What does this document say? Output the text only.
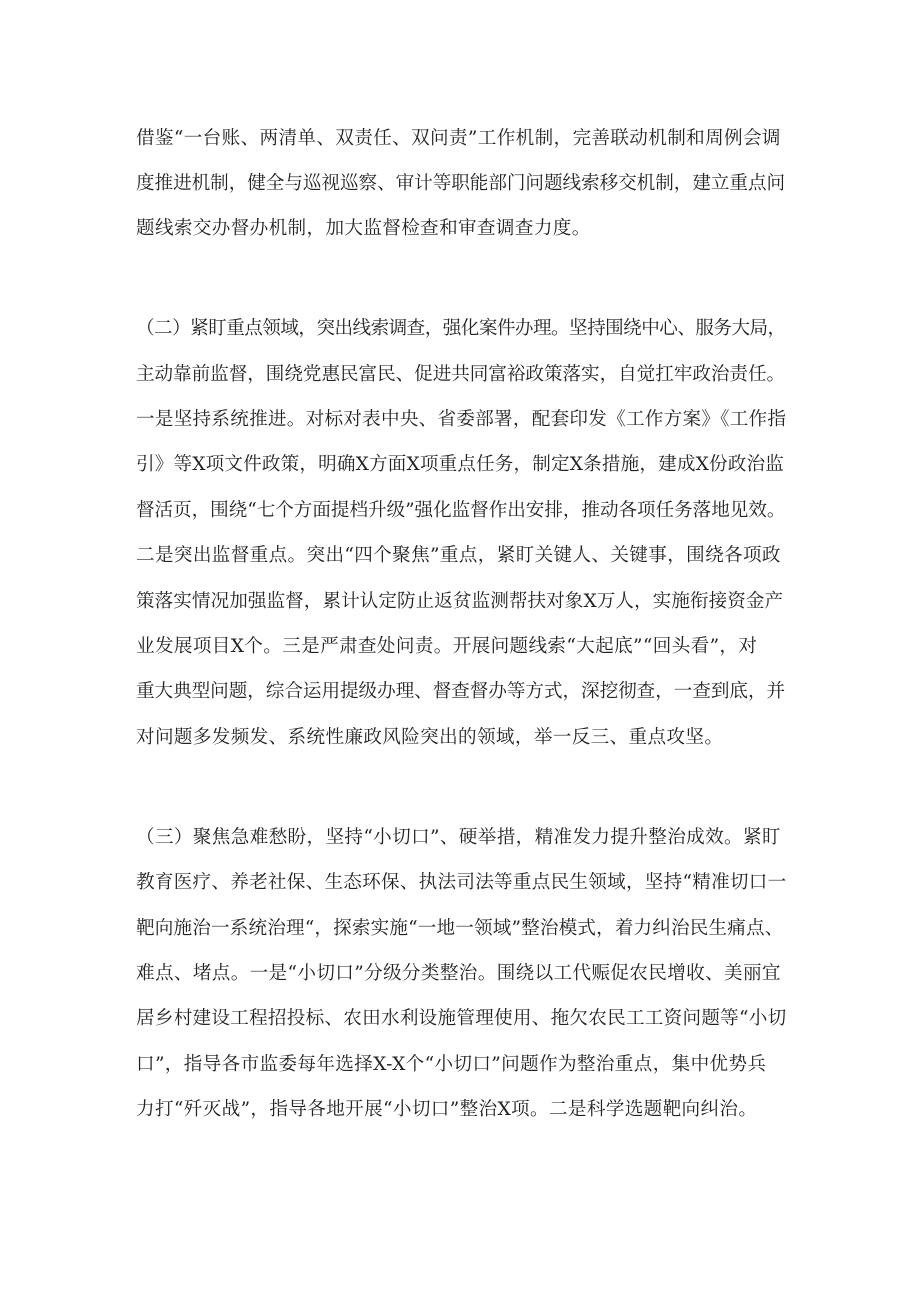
借鉴“一台账、两清单、双责任、双问责”工作机制，完善联动机制和周例会调

度推进机制，健全与巡视巡察、审计等职能部门问题线索移交机制，建立重点问

题线索交办督办机制，加大监督检查和审查调查力度。

（二）紧盯重点领域，突出线索调查，强化案件办理。坚持围绕中心、服务大局，

主动靠前监督，围绕党惠民富民、促进共同富裕政策落实，自觉扛牢政治责任。

一是坚持系统推进。对标对表中央、省委部署，配套印发《工作方案》《工作指

引》等X项文件政策，明确X方面X项重点任务，制定X条措施，建成X份政治监

督活页，围绕“七个方面提档升级”强化监督作出安排，推动各项任务落地见效。

二是突出监督重点。突出“四个聚焦”重点，紧盯关键人、关键事，围绕各项政

策落实情况加强监督，累计认定防止返贫监测帮扶对象X万人，实施衔接资金产

业发展项目X个。三是严肃查处问责。开展问题线索“大起底”“回头看”，对

重大典型问题，综合运用提级办理、督查督办等方式，深挖彻查，一查到底，并

对问题多发频发、系统性廉政风险突出的领域，举一反三、重点攻坚。

（三）聚焦急难愁盼，坚持“小切口”、硬举措，精准发力提升整治成效。紧盯

教育医疗、养老社保、生态环保、执法司法等重点民生领域，坚持“精准切口一

靶向施治一系统治理“，探索实施“一地一领域”整治模式，着力纠治民生痛点、

难点、堵点。一是“小切口”分级分类整治。围绕以工代赈促农民增收、美丽宜

居乡村建设工程招投标、农田水利设施管理使用、拖欠农民工工资问题等“小切

口”，指导各市监委每年选择X-X个“小切口”问题作为整治重点，集中优势兵

力打“歼灭战”，指导各地开展“小切口”整治X项。二是科学选题靶向纠治。
